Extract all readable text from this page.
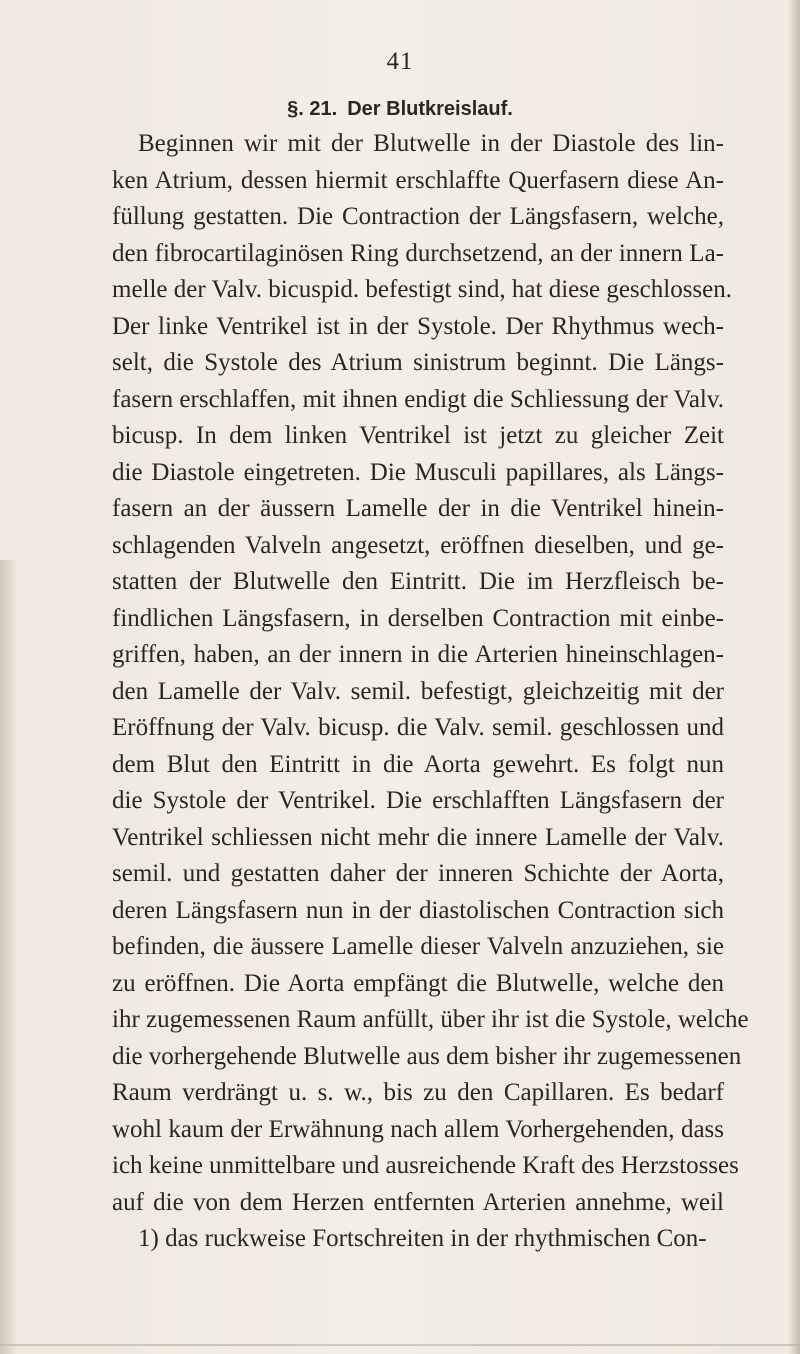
41
§. 21. Der Blutkreislauf.
Beginnen wir mit der Blutwelle in der Diastole des lin-
ken Atrium, dessen hiermit erschlaffte Querfasern diese An-
füllung gestatten. Die Contraction der Längsfasern, welche,
den fibrocartilaginösen Ring durchsetzend, an der innern La-
melle der Valv. bicuspid. befestigt sind, hat diese geschlossen.
Der linke Ventrikel ist in der Systole. Der Rhythmus wech-
selt, die Systole des Atrium sinistrum beginnt. Die Längs-
fasern erschlaffen, mit ihnen endigt die Schliessung der Valv.
bicusp. In dem linken Ventrikel ist jetzt zu gleicher Zeit
die Diastole eingetreten. Die Musculi papillares, als Längs-
fasern an der äussern Lamelle der in die Ventrikel hinein-
schlagenden Valveln angesetzt, eröffnen dieselben, und ge-
statten der Blutwelle den Eintritt. Die im Herzfleisch be-
findlichen Längsfasern, in derselben Contraction mit einbe-
griffen, haben, an der innern in die Arterien hineinschlagen-
den Lamelle der Valv. semil. befestigt, gleichzeitig mit der
Eröffnung der Valv. bicusp. die Valv. semil. geschlossen und
dem Blut den Eintritt in die Aorta gewehrt. Es folgt nun
die Systole der Ventrikel. Die erschlafften Längsfasern der
Ventrikel schliessen nicht mehr die innere Lamelle der Valv.
semil. und gestatten daher der inneren Schichte der Aorta,
deren Längsfasern nun in der diastolischen Contraction sich
befinden, die äussere Lamelle dieser Valveln anzuziehen, sie
zu eröffnen. Die Aorta empfängt die Blutwelle, welche den
ihr zugemessenen Raum anfüllt, über ihr ist die Systole, welche
die vorhergehende Blutwelle aus dem bisher ihr zugemessenen
Raum verdrängt u. s. w., bis zu den Capillaren. Es bedarf
wohl kaum der Erwähnung nach allem Vorhergehenden, dass
ich keine unmittelbare und ausreichende Kraft des Herzstosses
auf die von dem Herzen entfernten Arterien annehme, weil
1) das ruckweise Fortschreiten in der rhythmischen Con-
